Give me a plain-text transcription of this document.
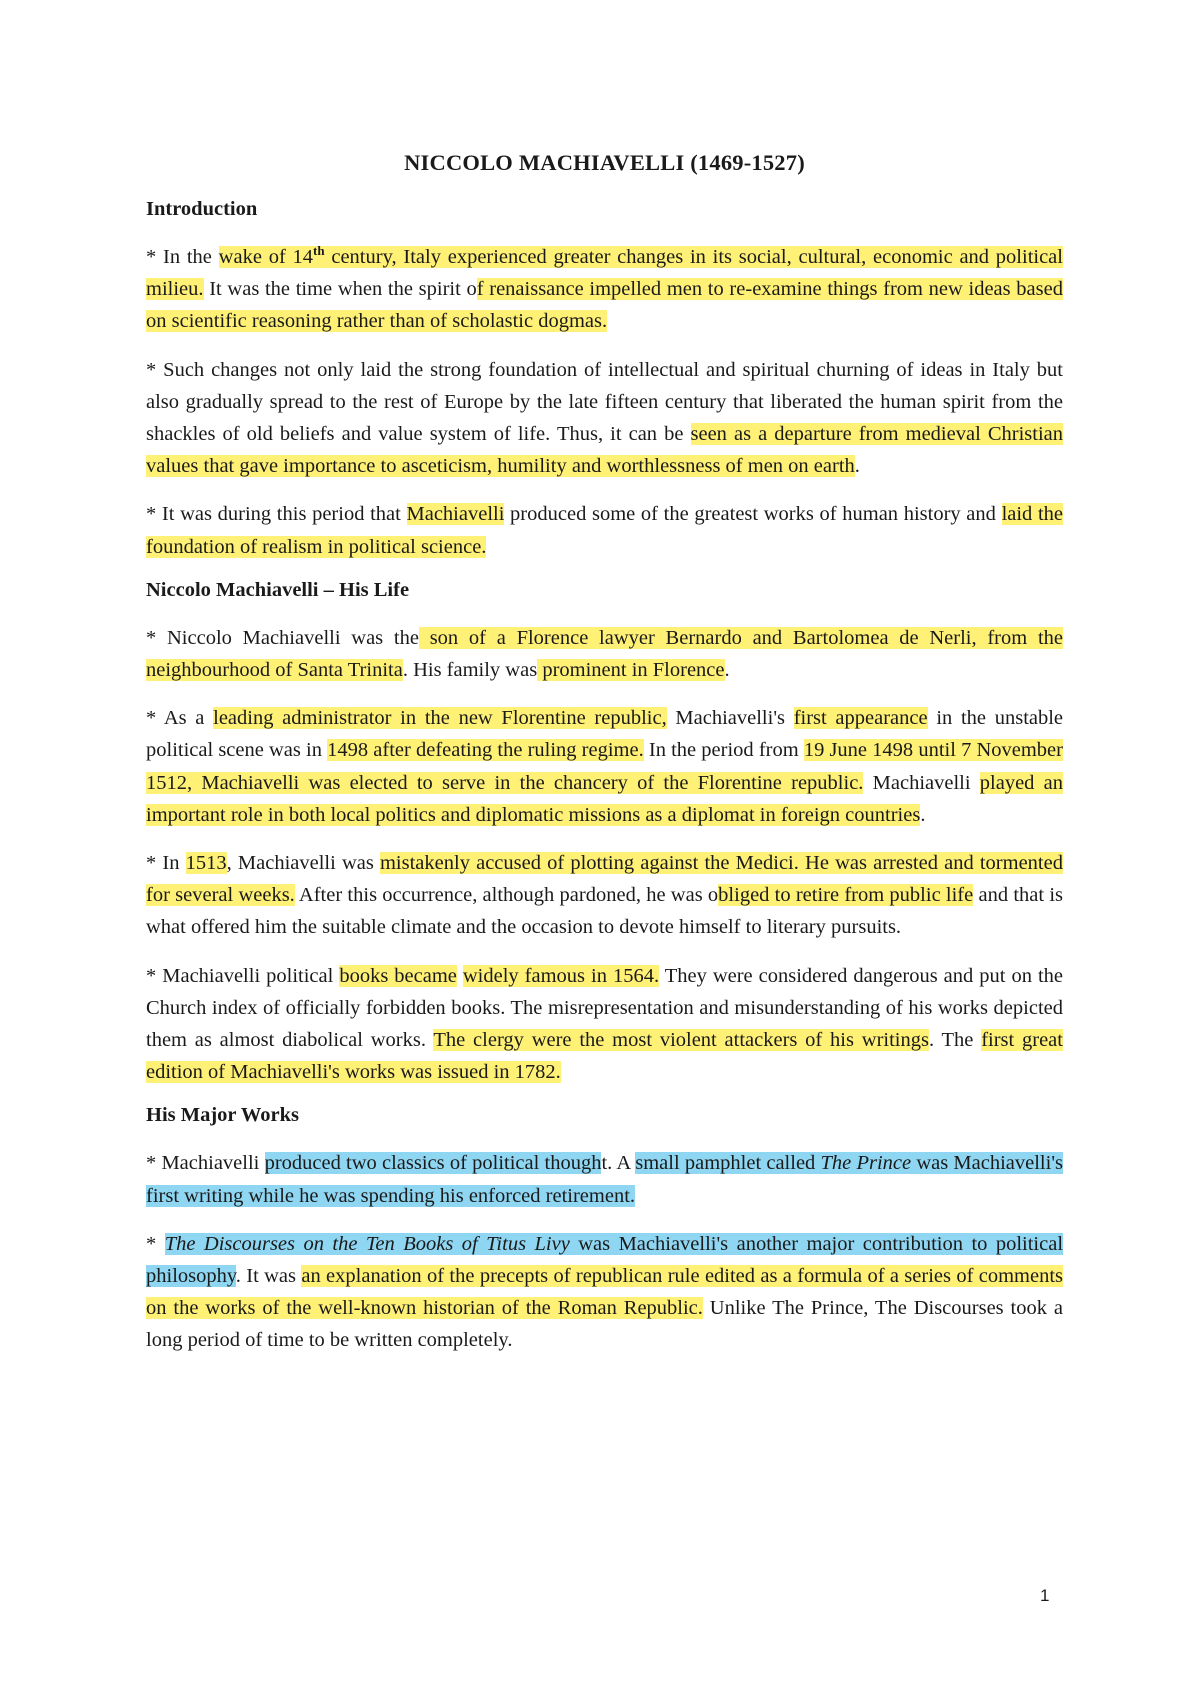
NICCOLO MACHIAVELLI (1469-1527)
Introduction

* In the wake of 14th century, Italy experienced greater changes in its social, cultural, economic and political milieu. It was the time when the spirit of renaissance impelled men to re-examine things from new ideas based on scientific reasoning rather than of scholastic dogmas.

* Such changes not only laid the strong foundation of intellectual and spiritual churning of ideas in Italy but also gradually spread to the rest of Europe by the late fifteen century that liberated the human spirit from the shackles of old beliefs and value system of life. Thus, it can be seen as a departure from medieval Christian values that gave importance to asceticism, humility and worthlessness of men on earth.

* It was during this period that Machiavelli produced some of the greatest works of human history and laid the foundation of realism in political science.

Niccolo Machiavelli – His Life

* Niccolo Machiavelli was the son of a Florence lawyer Bernardo and Bartolomea de Nerli, from the neighbourhood of Santa Trinita. His family was prominent in Florence.

* As a leading administrator in the new Florentine republic, Machiavelli's first appearance in the unstable political scene was in 1498 after defeating the ruling regime. In the period from 19 June 1498 until 7 November 1512, Machiavelli was elected to serve in the chancery of the Florentine republic. Machiavelli played an important role in both local politics and diplomatic missions as a diplomat in foreign countries.

* In 1513, Machiavelli was mistakenly accused of plotting against the Medici. He was arrested and tormented for several weeks. After this occurrence, although pardoned, he was obliged to retire from public life and that is what offered him the suitable climate and the occasion to devote himself to literary pursuits.

* Machiavelli political books became widely famous in 1564. They were considered dangerous and put on the Church index of officially forbidden books. The misrepresentation and misunderstanding of his works depicted them as almost diabolical works. The clergy were the most violent attackers of his writings. The first great edition of Machiavelli's works was issued in 1782.

His Major Works

* Machiavelli produced two classics of political thought. A small pamphlet called The Prince was Machiavelli's first writing while he was spending his enforced retirement.

* The Discourses on the Ten Books of Titus Livy was Machiavelli's another major contribution to political philosophy. It was an explanation of the precepts of republican rule edited as a formula of a series of comments on the works of the well-known historian of the Roman Republic. Unlike The Prince, The Discourses took a long period of time to be written completely.

1
